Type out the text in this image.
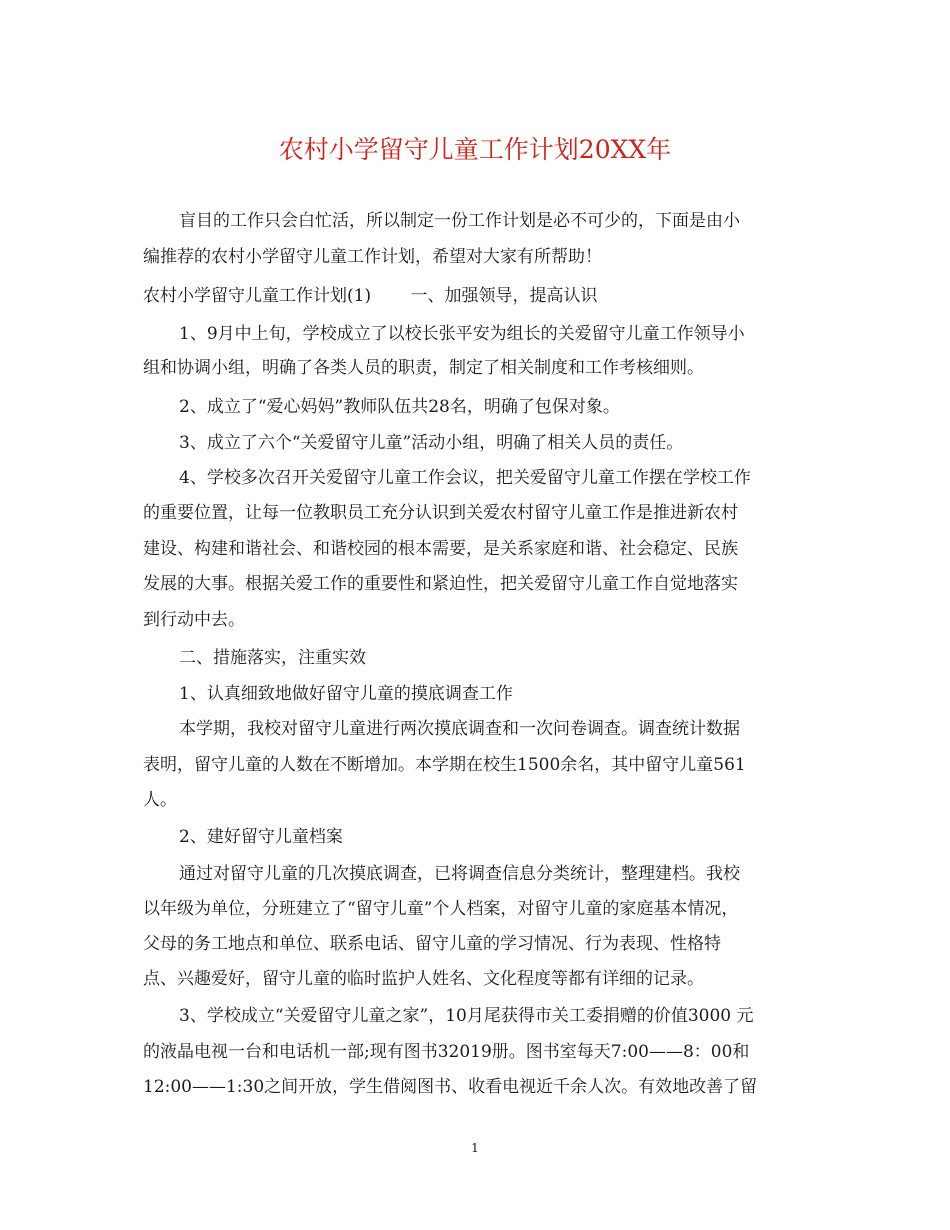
农村小学留守儿童工作计划20XX年
盲目的工作只会白忙活，所以制定一份工作计划是必不可少的，下面是由小
编推荐的农村小学留守儿童工作计划，希望对大家有所帮助！
农村小学留守儿童工作计划(1)　　 一、加强领导，提高认识
1、9月中上旬，学校成立了以校长张平安为组长的关爱留守儿童工作领导小
组和协调小组，明确了各类人员的职责，制定了相关制度和工作考核细则。
2、成立了“爱心妈妈”教师队伍共28名，明确了包保对象。
3、成立了六个“关爱留守儿童”活动小组，明确了相关人员的责任。
4、学校多次召开关爱留守儿童工作会议，把关爱留守儿童工作摆在学校工作
的重要位置，让每一位教职员工充分认识到关爱农村留守儿童工作是推进新农村
建设、构建和谐社会、和谐校园的根本需要，是关系家庭和谐、社会稳定、民族
发展的大事。根据关爱工作的重要性和紧迫性，把关爱留守儿童工作自觉地落实
到行动中去。
二、措施落实，注重实效
1、认真细致地做好留守儿童的摸底调查工作
本学期，我校对留守儿童进行两次摸底调查和一次问卷调查。调查统计数据
表明，留守儿童的人数在不断增加。本学期在校生1500余名，其中留守儿童561
人。
2、建好留守儿童档案
通过对留守儿童的几次摸底调查，已将调查信息分类统计，整理建档。我校
以年级为单位，分班建立了“留守儿童”个人档案，对留守儿童的家庭基本情况，
父母的务工地点和单位、联系电话、留守儿童的学习情况、行为表现、性格特
点、兴趣爱好，留守儿童的临时监护人姓名、文化程度等都有详细的记录。
3、学校成立“关爱留守儿童之家”，10月尾获得市关工委捐赠的价值3000 元
的液晶电视一台和电话机一部;现有图书32019册。图书室每天7:00——8：00和
12:00——1:30之间开放，学生借阅图书、收看电视近千余人次。有效地改善了留
1
